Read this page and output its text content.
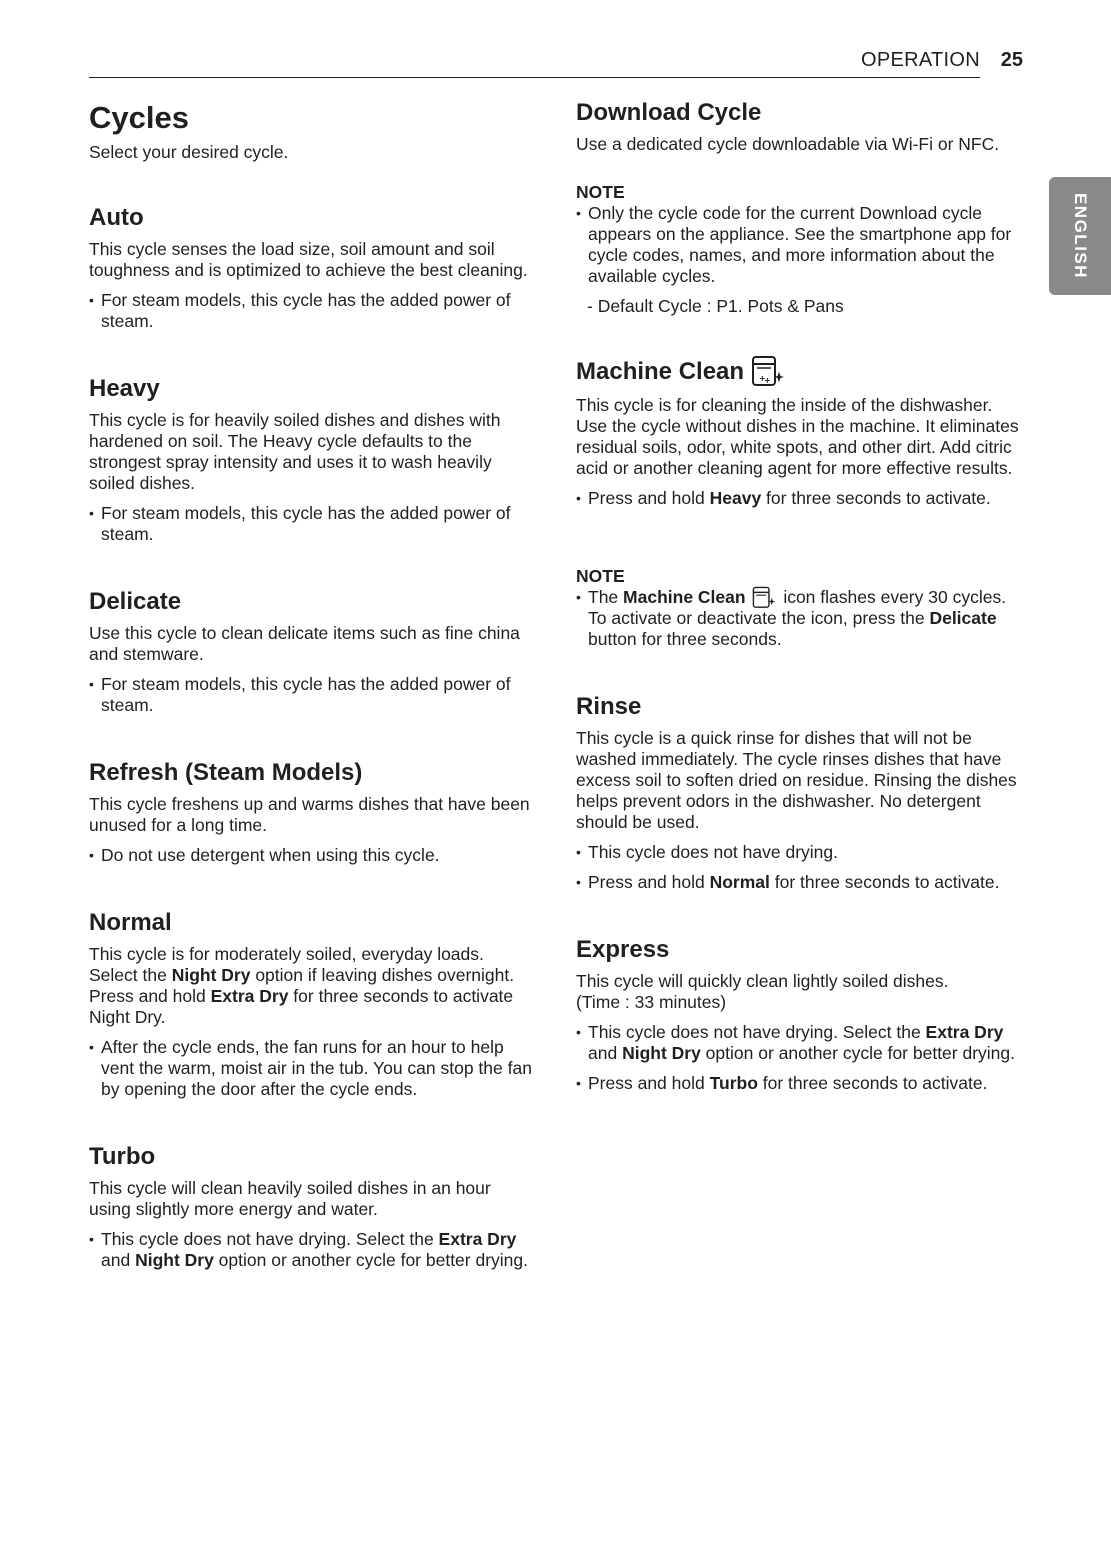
OPERATION 25
ENGLISH
Cycles

Select your desired cycle.

Auto

This cycle senses the load size, soil amount and soil toughness and is optimized to achieve the best cleaning.

• For steam models, this cycle has the added power of steam.
Heavy

This cycle is for heavily soiled dishes and dishes with hardened on soil. The Heavy cycle defaults to the strongest spray intensity and uses it to wash heavily soiled dishes.

• For steam models, this cycle has the added power of steam.
Delicate

Use this cycle to clean delicate items such as fine china and stemware.

• For steam models, this cycle has the added power of steam.
Refresh (Steam Models)

This cycle freshens up and warms dishes that have been unused for a long time.

• Do not use detergent when using this cycle.
Normal

This cycle is for moderately soiled, everyday loads. Select the Night Dry option if leaving dishes overnight. Press and hold Extra Dry for three seconds to activate Night Dry.

• After the cycle ends, the fan runs for an hour to help vent the warm, moist air in the tub. You can stop the fan by opening the door after the cycle ends.
Turbo

This cycle will clean heavily soiled dishes in an hour using slightly more energy and water.

• This cycle does not have drying. Select the Extra Dry and Night Dry option or another cycle for better drying.
Download Cycle

Use a dedicated cycle downloadable via Wi-Fi or NFC.

NOTE

• Only the cycle code for the current Download cycle appears on the appliance. See the smartphone app for cycle codes, names, and more information about the available cycles.
- Default Cycle : P1. Pots & Pans
Machine Clean +
+

This cycle is for cleaning the inside of the dishwasher. Use the cycle without dishes in the machine. It eliminates residual soils, odor, white spots, and other dirt. Add citric acid or another cleaning agent for more effective results.

• Press and hold Heavy for three seconds to activate.

NOTE

• The Machine Clean  icon flashes every 30 cycles. To activate or deactivate the icon, press the Delicate button for three seconds.
Rinse

This cycle is a quick rinse for dishes that will not be washed immediately. The cycle rinses dishes that have excess soil to soften dried on residue. Rinsing the dishes helps prevent odors in the dishwasher. No detergent should be used.

• This cycle does not have drying.
• Press and hold Normal for three seconds to activate.
Express

This cycle will quickly clean lightly soiled dishes.
(Time : 33 minutes)

• This cycle does not have drying. Select the Extra Dry and Night Dry option or another cycle for better drying.
• Press and hold Turbo for three seconds to activate.
